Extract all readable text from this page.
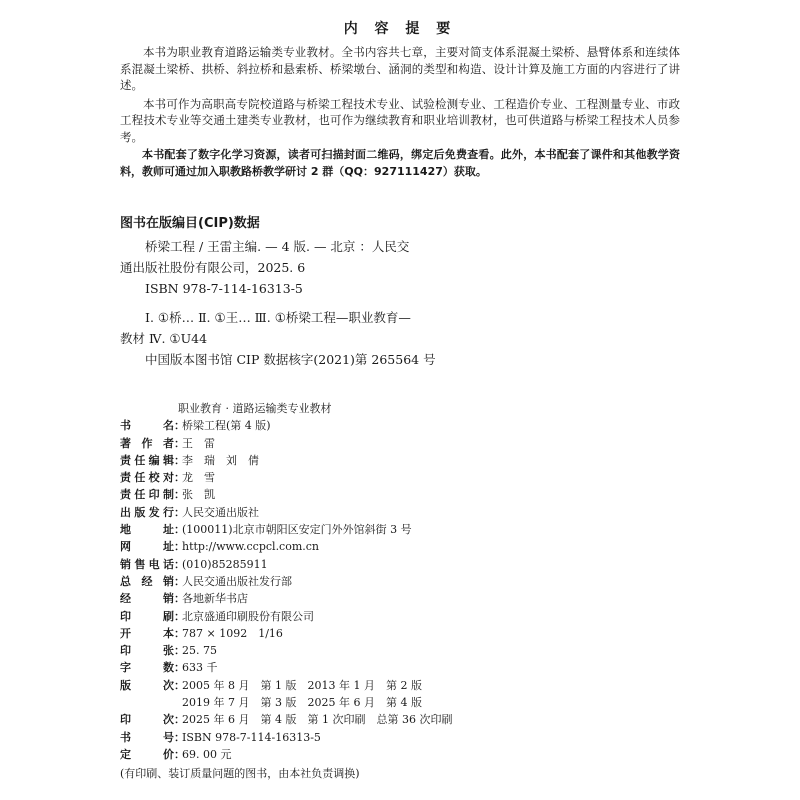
内 容 提 要

本书为职业教育道路运输类专业教材。全书内容共七章，主要对简支体系混凝土梁桥、悬臂体系和连续体系混凝土梁桥、拱桥、斜拉桥和悬索桥、桥梁墩台、涵洞的类型和构造、设计计算及施工方面的内容进行了讲述。

本书可作为高职高专院校道路与桥梁工程技术专业、试验检测专业、工程造价专业、工程测量专业、市政工程技术专业等交通土建类专业教材，也可作为继续教育和职业培训教材，也可供道路与桥梁工程技术人员参考。

本书配套了数字化学习资源，读者可扫描封面二维码，绑定后免费查看。此外，本书配套了课件和其他教学资料，教师可通过加入职教路桥教学研讨 2 群（QQ：927111427）获取。

图书在版编目(CIP)数据
桥梁工程 / 王雷主编. — 4 版. — 北京 ：人民交
通出版社股份有限公司，2025. 6
ISBN 978-7-114-16313-5
Ⅰ. ①桥… Ⅱ. ①王… Ⅲ. ①桥梁工程—职业教育—
教材 Ⅳ. ①U44
中国版本图书馆 CIP 数据核字(2021)第 265564 号
职业教育 · 道路运输类专业教材
书名 ：
桥梁工程(第 4 版)
著作者 ：
王　雷
责任编辑 ：
李　瑞　刘　倩
责任校对 ：
龙　雪
责任印制 ：
张　凯
出版发行 ：
人民交通出版社
地址 ：
(100011)北京市朝阳区安定门外外馆斜街 3 号
网址 ：
http://www.ccpcl.com.cn
销售电话 ：
(010)85285911
总经销 ：
人民交通出版社发行部
经销 ：
各地新华书店
印刷 ：
北京盛通印刷股份有限公司
开本 ：
787 × 1092　1/16
印张 ：
25. 75
字数 ：
633 千
版次 ：
2005 年 8 月　第 1 版　2013 年 1 月　第 2 版
2019 年 7 月　第 3 版　2025 年 6 月　第 4 版
印次 ：
2025 年 6 月　第 4 版　第 1 次印刷　总第 36 次印刷
书号 ：
ISBN 978-7-114-16313-5
定价 ：
69. 00 元
(有印刷、装订质量问题的图书，由本社负责调换)
